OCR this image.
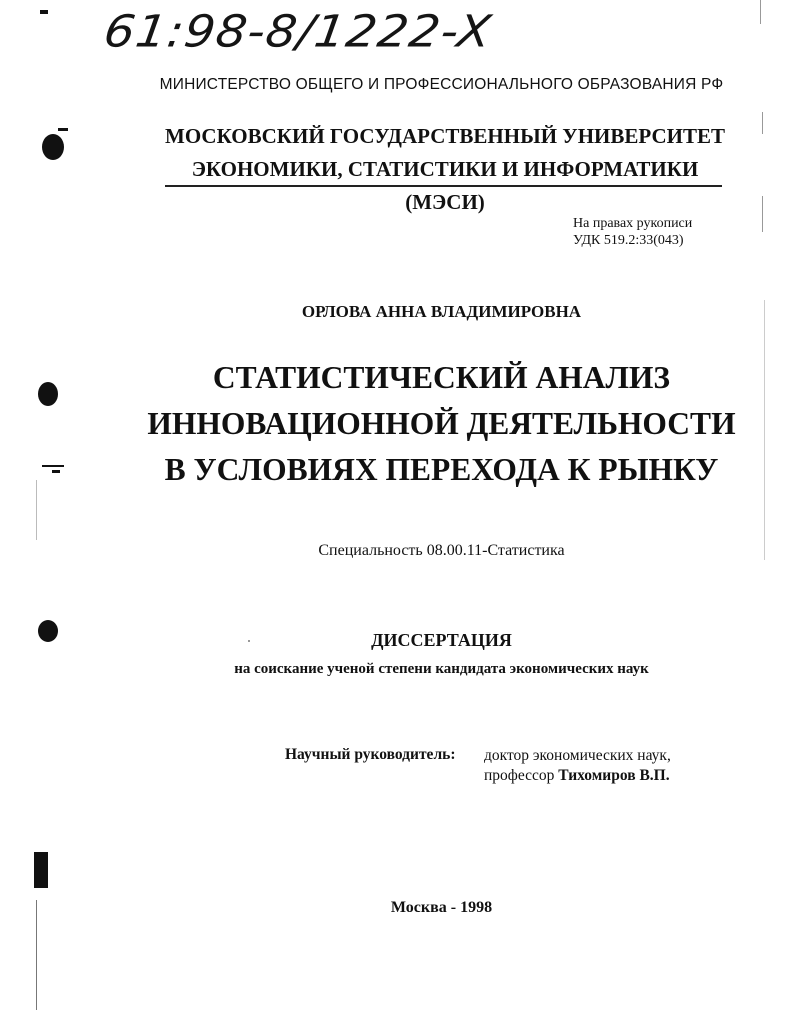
61:98-8/1222-X
МИНИСТЕРСТВО ОБЩЕГО И ПРОФЕССИОНАЛЬНОГО ОБРАЗОВАНИЯ РФ
МОСКОВСКИЙ ГОСУДАРСТВЕННЫЙ УНИВЕРСИТЕТ
ЭКОНОМИКИ, СТАТИСТИКИ И ИНФОРМАТИКИ (МЭСИ)
На правах рукописи
УДК 519.2:33(043)
ОРЛОВА АННА ВЛАДИМИРОВНА
СТАТИСТИЧЕСКИЙ АНАЛИЗ
ИННОВАЦИОННОЙ ДЕЯТЕЛЬНОСТИ
В УСЛОВИЯХ ПЕРЕХОДА К РЫНКУ
Специальность 08.00.11-Статистика
ДИССЕРТАЦИЯ
на соискание ученой степени кандидата экономических наук
Научный руководитель: доктор экономических наук,
профессор Тихомиров В.П.
Москва - 1998
